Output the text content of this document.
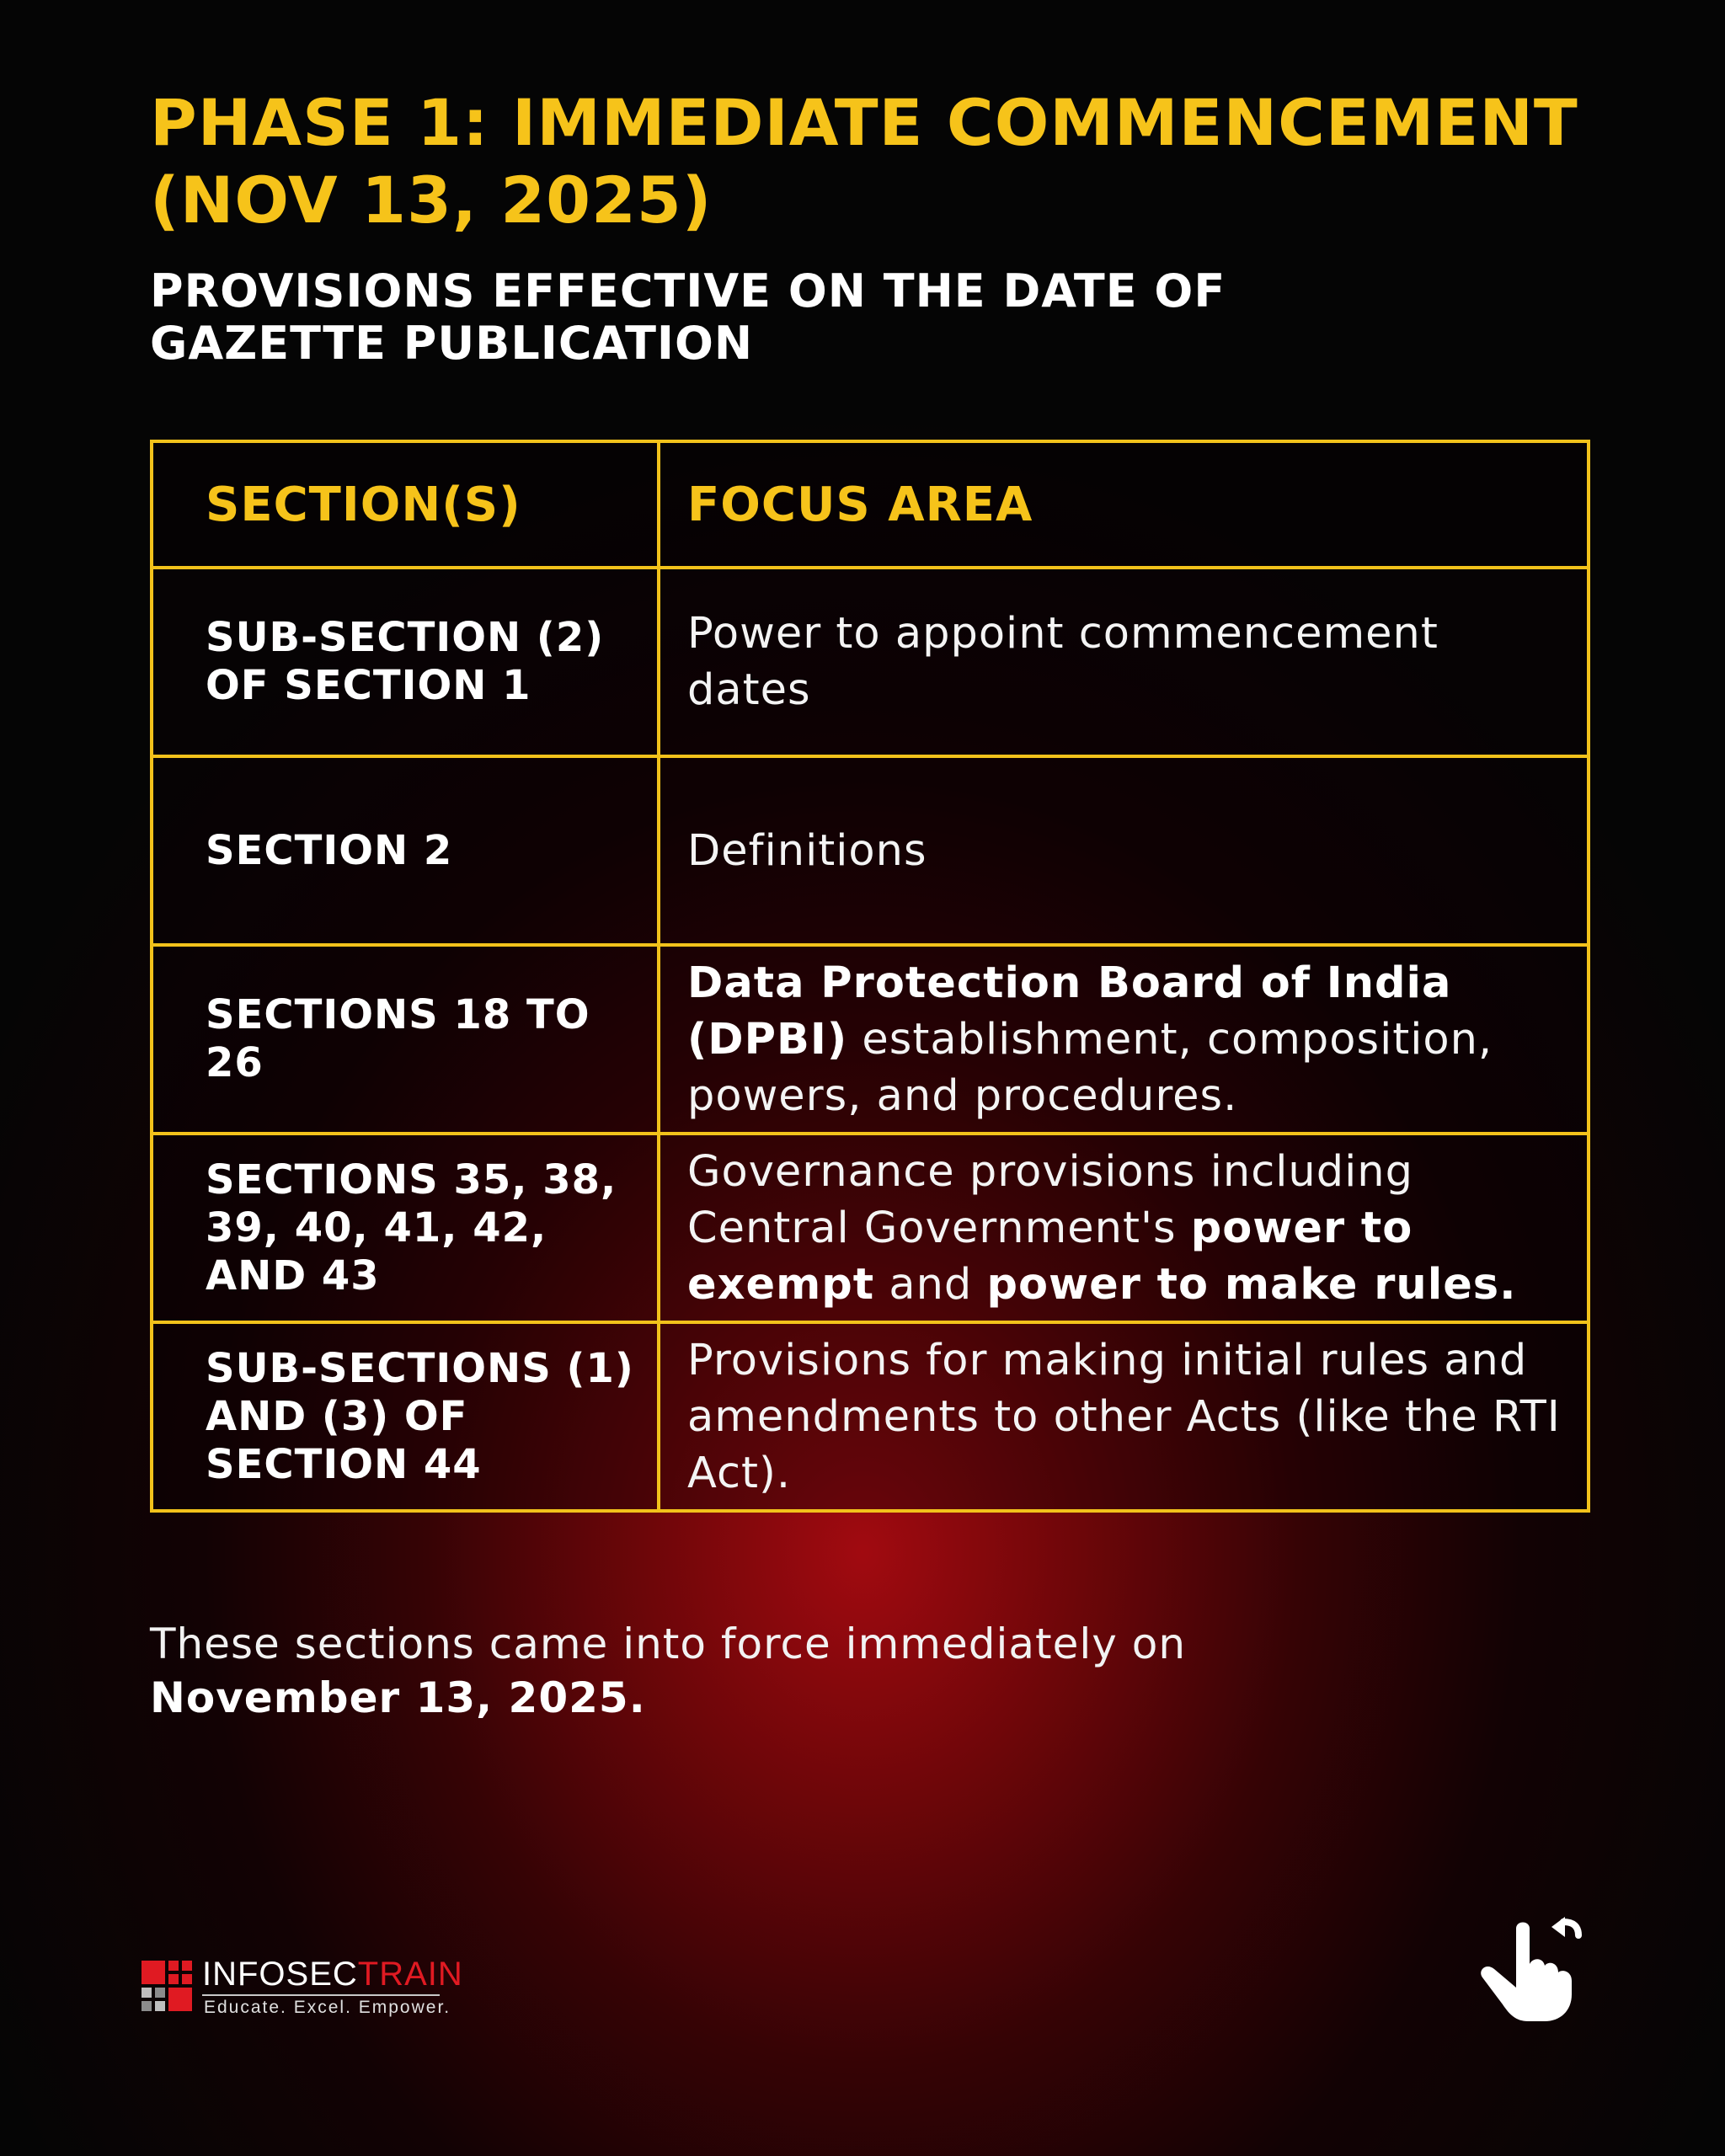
PHASE 1: IMMEDIATE COMMENCEMENT (NOV 13, 2025)
PROVISIONS EFFECTIVE ON THE DATE OF GAZETTE PUBLICATION
SECTION(S)	FOCUS AREA
SUB-SECTION (2) OF SECTION 1	Power to appoint commencement dates
SECTION 2	Definitions
SECTIONS 18 TO 26	Data Protection Board of India (DPBI) establishment, composition, powers, and procedures.
SECTIONS 35, 38, 39, 40, 41, 42, AND 43	Governance provisions including Central Government's power to exempt and power to make rules.
SUB-SECTIONS (1) AND (3) OF SECTION 44	Provisions for making initial rules and amendments to other Acts (like the RTI Act).

These sections came into force immediately on
November 13, 2025.

INFOSECTRAIN
Educate. Excel. Empower.
